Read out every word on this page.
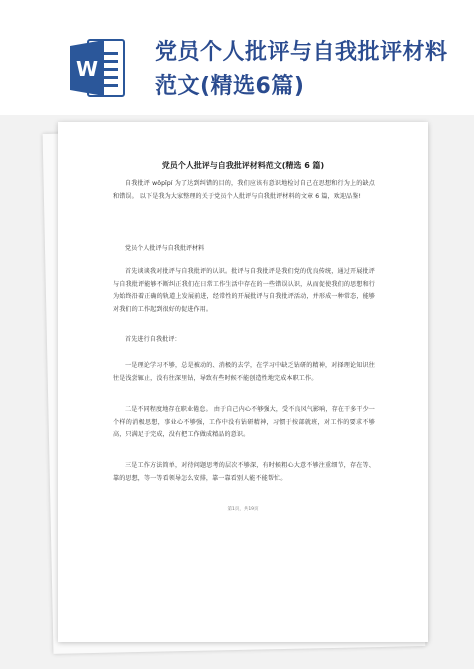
W
党员个人批评与自我批评材料
范文(精选6篇)
党员个人批评与自我批评材料范文(精选 6 篇)
自我批评 wǒpīpí 为了达到纠错的目的，我们应该有意识地检讨自己在思想和行为上的缺点和错误。 以下是我为大家整理的关于党员个人批评与自我批评材料的文章 6 篇，欢迎品鉴!
党员个人批评与自我批评材料
首先谈谈我对批评与自我批评的认识。批评与自我批评是我们党的优良传统，通过开展批评与自我批评能够不断纠正我们在日常工作生活中存在的一些错误认识，从而促使我们的思想和行为始终沿着正确的轨道上发展前进，经常性的开展批评与自我批评活动，并形成一种常态，能够对我们的工作起到很好的促进作用。
首先进行自我批评：
一是理论学习不够，总是被动的、消极的去学，在学习中缺乏钻研的精神，对择理论知识往往是浅尝辄止，没有往深里钻，导致有些时候不能创造性地完成本职工作。
二是不同程度地存在职业倦怠。 由于自己内心不够强大，受不良风气影响，存在干多干少一个样的消极思想，事业心不够强，工作中没有钻研精神，习惯于按部就班，对工作的要求不够高，只满足于完成，没有把工作做成精品的意识。
三是工作方法简单，对待问题思考的层次不够深，有时候粗心大意不够注重细节，存在等、靠的思想，等一等看领导怎么安排，靠一靠看别人能不能帮忙。
第1页，共19页
